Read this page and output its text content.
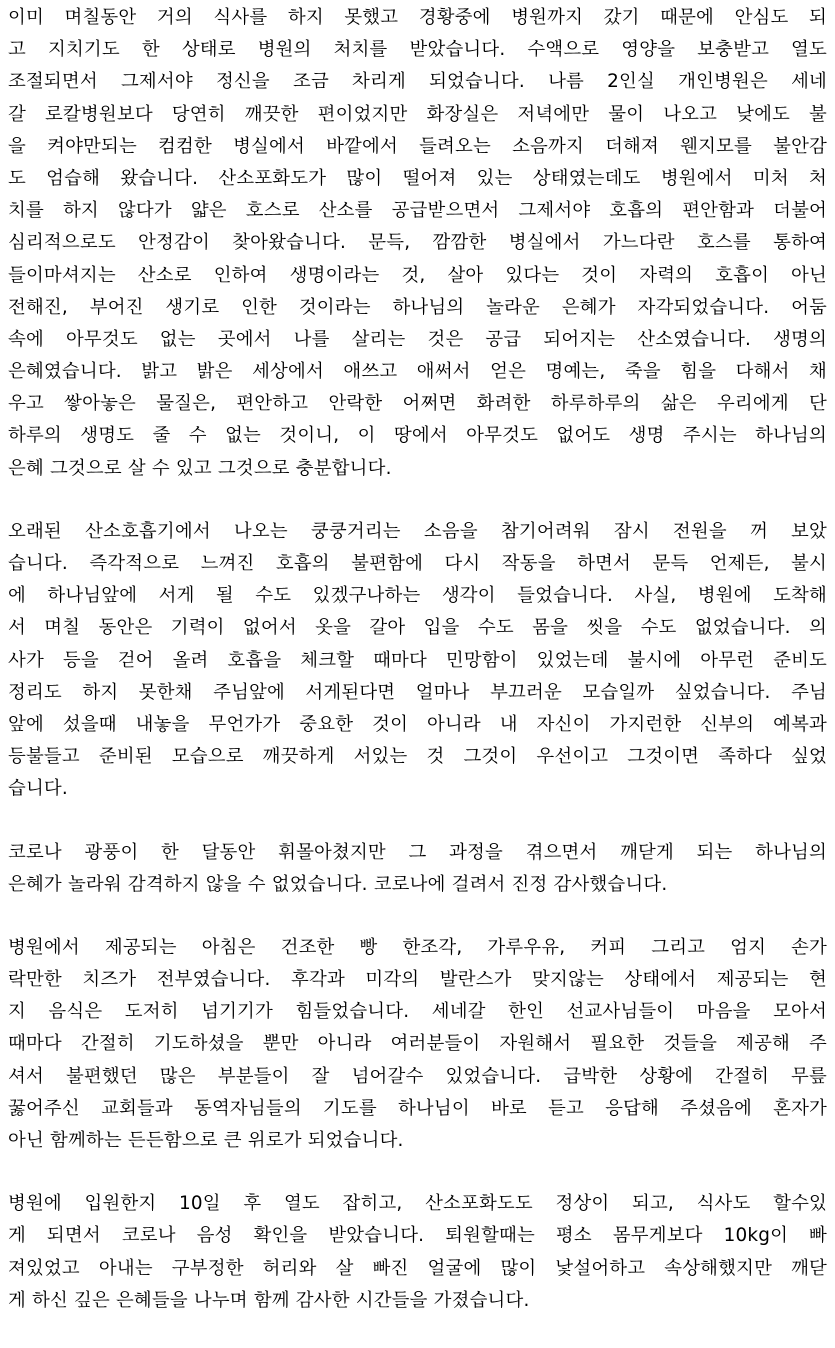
이미 며칠동안 거의 식사를 하지 못했고 경황중에 병원까지 갔기 때문에 안심도 되
고 지치기도 한 상태로 병원의 처치를 받았습니다. 수액으로 영양을 보충받고 열도
조절되면서 그제서야 정신을 조금 차리게 되었습니다. 나름 2인실 개인병원은 세네
갈 로칼병원보다 당연히 깨끗한 편이었지만 화장실은 저녁에만 물이 나오고 낮에도 불
을 켜야만되는 컴컴한 병실에서 바깥에서 들려오는 소음까지 더해져 웬지모를 불안감
도 엄습해 왔습니다. 산소포화도가 많이 떨어져 있는 상태였는데도 병원에서 미처 처
치를 하지 않다가 얇은 호스로 산소를 공급받으면서 그제서야 호흡의 편안함과 더불어
심리적으로도 안정감이 찾아왔습니다. 문득, 깜깜한 병실에서 가느다란 호스를 통하여
들이마셔지는 산소로 인하여 생명이라는 것, 살아 있다는 것이 자력의 호흡이 아닌
전해진, 부어진 생기로 인한 것이라는 하나님의 놀라운 은혜가 자각되었습니다. 어둠
속에 아무것도 없는 곳에서 나를 살리는 것은 공급 되어지는 산소였습니다. 생명의
은혜였습니다. 밝고 밝은 세상에서 애쓰고 애써서 얻은 명예는, 죽을 힘을 다해서 채
우고 쌓아놓은 물질은, 편안하고 안락한 어쩌면 화려한 하루하루의 삶은 우리에게 단
하루의 생명도 줄 수 없는 것이니, 이 땅에서 아무것도 없어도 생명 주시는 하나님의
은혜 그것으로 살 수 있고 그것으로 충분합니다.
오래된 산소호흡기에서 나오는 쿵쿵거리는 소음을 참기어려워 잠시 전원을 꺼 보았
습니다. 즉각적으로 느껴진 호흡의 불편함에 다시 작동을 하면서 문득 언제든, 불시
에 하나님앞에 서게 될 수도 있겠구나하는 생각이 들었습니다. 사실, 병원에 도착해
서 며칠 동안은 기력이 없어서 옷을 갈아 입을 수도 몸을 씻을 수도 없었습니다. 의
사가 등을 걷어 올려 호흡을 체크할 때마다 민망함이 있었는데 불시에 아무런 준비도
정리도 하지 못한채 주님앞에 서게된다면 얼마나 부끄러운 모습일까 싶었습니다. 주님
앞에 섰을때 내놓을 무언가가 중요한 것이 아니라 내 자신이 가지런한 신부의 예복과
등불들고 준비된 모습으로 깨끗하게 서있는 것 그것이 우선이고 그것이면 족하다 싶었
습니다.
코로나 광풍이 한 달동안 휘몰아쳤지만 그 과정을 겪으면서 깨닫게 되는 하나님의
은혜가 놀라워 감격하지 않을 수 없었습니다. 코로나에 걸려서 진정 감사했습니다.
병원에서 제공되는 아침은 건조한 빵 한조각, 가루우유, 커피 그리고 엄지 손가
락만한 치즈가 전부였습니다. 후각과 미각의 발란스가 맞지않는 상태에서 제공되는 현
지 음식은 도저히 넘기기가 힘들었습니다. 세네갈 한인 선교사님들이 마음을 모아서
때마다 간절히 기도하셨을 뿐만 아니라 여러분들이 자원해서 필요한 것들을 제공해 주
셔서 불편했던 많은 부분들이 잘 넘어갈수 있었습니다. 급박한 상황에 간절히 무릎
꿇어주신 교회들과 동역자님들의 기도를 하나님이 바로 듣고 응답해 주셨음에 혼자가
아닌 함께하는 든든함으로 큰 위로가 되었습니다.
병원에 입원한지 10일 후 열도 잡히고, 산소포화도도 정상이 되고, 식사도 할수있
게 되면서 코로나 음성 확인을 받았습니다. 퇴원할때는 평소 몸무게보다 10kg이 빠
져있었고 아내는 구부정한 허리와 살 빠진 얼굴에 많이 낯설어하고 속상해했지만 깨닫
게 하신 깊은 은혜들을 나누며 함께 감사한 시간들을 가졌습니다.
